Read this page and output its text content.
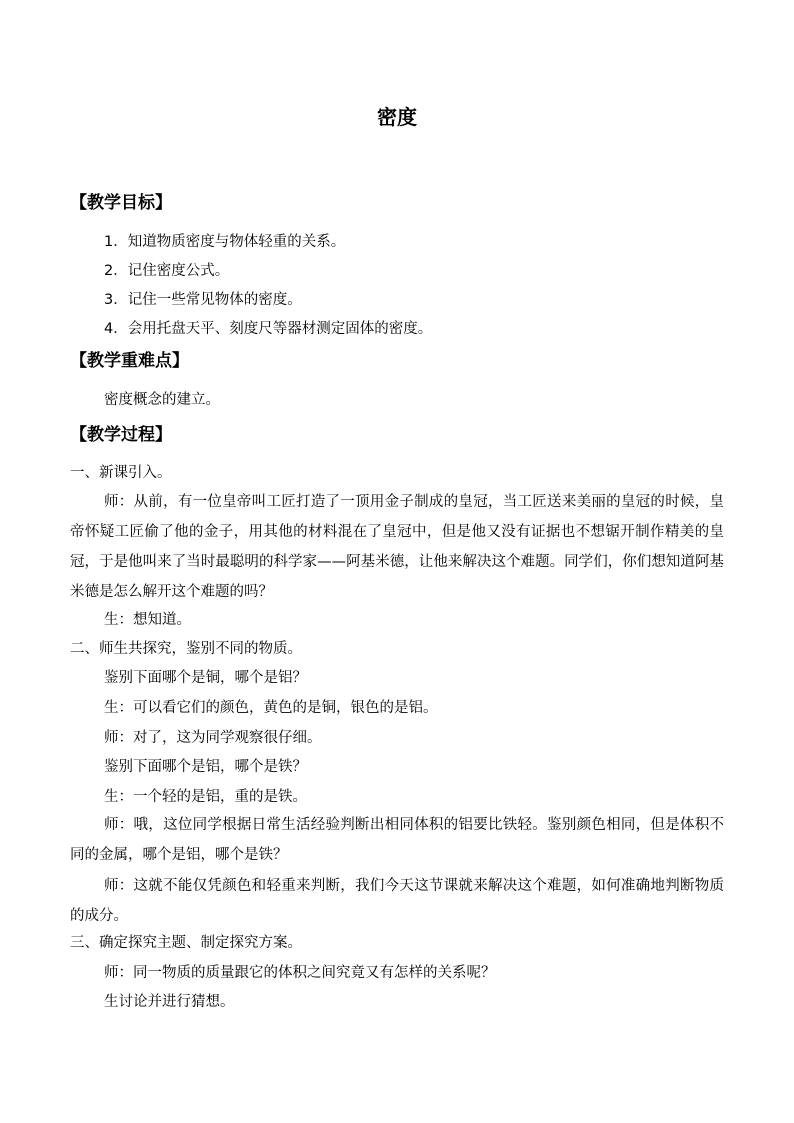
密度
【教学目标】
1．知道物质密度与物体轻重的关系。
2．记住密度公式。
3．记住一些常见物体的密度。
4．会用托盘天平、刻度尺等器材测定固体的密度。
【教学重难点】
密度概念的建立。
【教学过程】
一、新课引入。
师：从前，有一位皇帝叫工匠打造了一顶用金子制成的皇冠，当工匠送来美丽的皇冠的时候，皇帝怀疑工匠偷了他的金子，用其他的材料混在了皇冠中，但是他又没有证据也不想锯开制作精美的皇冠，于是他叫来了当时最聪明的科学家——阿基米德，让他来解决这个难题。同学们，你们想知道阿基米德是怎么解开这个难题的吗？
生：想知道。
二、师生共探究，鉴别不同的物质。
鉴别下面哪个是铜，哪个是铝？
生：可以看它们的颜色，黄色的是铜，银色的是铝。
师：对了，这为同学观察很仔细。
鉴别下面哪个是铝，哪个是铁？
生：一个轻的是铝，重的是铁。
师：哦，这位同学根据日常生活经验判断出相同体积的铝要比铁轻。鉴别颜色相同，但是体积不同的金属，哪个是铝，哪个是铁？
师：这就不能仅凭颜色和轻重来判断，我们今天这节课就来解决这个难题，如何准确地判断物质的成分。
三、确定探究主题、制定探究方案。
师：同一物质的质量跟它的体积之间究竟又有怎样的关系呢？
生讨论并进行猜想。
